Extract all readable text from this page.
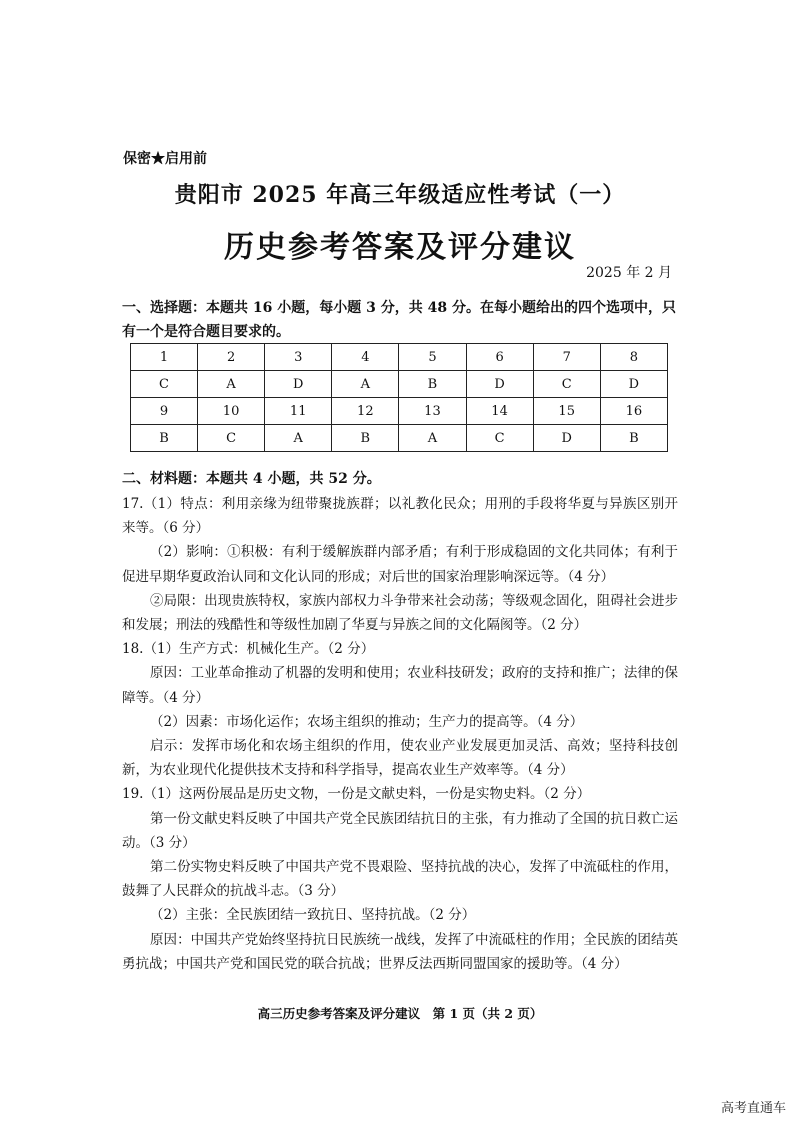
保密★启用前
贵阳市 2025 年高三年级适应性考试（一）
历史参考答案及评分建议
2025 年 2 月
一、选择题：本题共 16 小题，每小题 3 分，共 48 分。在每小题给出的四个选项中，只有一个是符合题目要求的。
1	2	3	4	5	6	7	8
C	A	D	A	B	D	C	D
9	10	11	12	13	14	15	16
B	C	A	B	A	C	D	B
二、材料题：本题共 4 小题，共 52 分。

17.（1）特点：利用亲缘为纽带聚拢族群；以礼教化民众；用刑的手段将华夏与异族区别开来等。（6 分）

（2）影响：①积极：有利于缓解族群内部矛盾；有利于形成稳固的文化共同体；有利于促进早期华夏政治认同和文化认同的形成；对后世的国家治理影响深远等。（4 分）

②局限：出现贵族特权，家族内部权力斗争带来社会动荡；等级观念固化，阻碍社会进步和发展；刑法的残酷性和等级性加剧了华夏与异族之间的文化隔阂等。（2 分）

18.（1）生产方式：机械化生产。（2 分）

原因：工业革命推动了机器的发明和使用；农业科技研发；政府的支持和推广；法律的保障等。（4 分）

（2）因素：市场化运作；农场主组织的推动；生产力的提高等。（4 分）

启示：发挥市场化和农场主组织的作用，使农业产业发展更加灵活、高效；坚持科技创新，为农业现代化提供技术支持和科学指导，提高农业生产效率等。（4 分）

19.（1）这两份展品是历史文物，一份是文献史料，一份是实物史料。（2 分）

第一份文献史料反映了中国共产党全民族团结抗日的主张，有力推动了全国的抗日救亡运动。（3 分）

第二份实物史料反映了中国共产党不畏艰险、坚持抗战的决心，发挥了中流砥柱的作用，鼓舞了人民群众的抗战斗志。（3 分）

（2）主张：全民族团结一致抗日、坚持抗战。（2 分）

原因：中国共产党始终坚持抗日民族统一战线，发挥了中流砥柱的作用；全民族的团结英勇抗战；中国共产党和国民党的联合抗战；世界反法西斯同盟国家的援助等。（4 分）

高三历史参考答案及评分建议　第 1 页（共 2 页）
高考直通车
